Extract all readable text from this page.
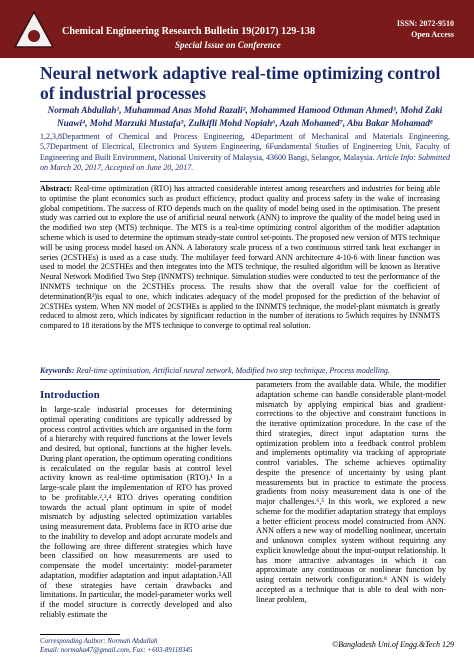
Chemical Engineering Research Bulletin 19(2017) 129-138
Special Issue on Conference
ISSN: 2072-9510
Open Access
Neural network adaptive real-time optimizing control of industrial processes
Normah Abdullah¹, Muhammad Anas Mohd Razali², Mohammed Hamood Othman Ahmed³, Mohd Zaki Nuawi⁴, Mohd Marzuki Mustafa⁵, Zulkifli Mohd Nopiah⁶, Azah Mohamed⁷, Abu Bakar Mohamad⁸
1,2,3,8Department of Chemical and Process Engineering, 4Department of Mechanical and Materials Engineering, 5,7Department of Electrical, Electronics and System Engineering, 6Fundamental Studies of Engineering Unit, Faculty of Engineering and Built Environment, National University of Malaysia, 43600 Bangi, Selangor, Malaysia. Article Info: Submitted on March 20, 2017, Accepted on June 20, 2017.
Abstract: Real-time optimization (RTO) has attracted considerable interest among researchers and industries for being able to optimise the plant economics such as product efficiency, product quality and process safety in the wake of increasing global competitions. The success of RTO depends much on the quality of model being used in the optimisation. The present study was carried out to explore the use of artificial neural network (ANN) to improve the quality of the model being used in the modified two step (MTS) technique. The MTS is a real-time optimizing control algorithm of the modifier adaptation scheme which is used to determine the optimum steady-state control set-points. The proposed new version of MTS technique will be using process model based on ANN. A laboratory scale process of a two continuous stirred tank heat exchanger in series (2CSTHEs) is used as a case study. The multilayer feed forward ANN architecture 4-10-6 with linear function was used to model the 2CSTHEs and then integrates into the MTS technique, the resulted algorithm will be known as Iterative Neural Network Modified Two Step (INNMTS) technique. Simulation studies were conducted to test the performance of the INNMTS technique on the 2CSTHEs process. The results show that the overall value for the coefficient of determination(R²)is equal to one, which indicates adequacy of the model proposed for the prediction of the behavior of 2CSTHEs system. When NN model of 2CSTHEs is applied to the INNMTS technique, the model-plant mismatch is greatly reduced to almost zero, which indicates by significant reduction in the number of iterations to 5which requires by INNMTS compared to 18 iterations by the MTS technique to converge to optimal real solution.
Keywords: Real-time optimisation, Artificial neural network, Modified two step technique, Process modelling.
Introduction
In large-scale industrial processes for determining optimal operating conditions are typically addressed by process control activities which are organised in the form of a hierarchy with required functions at the lower levels and desired, but optional, functions at the higher levels. During plant operation, the optimum operating conditions is recalculated on the regular basis at control level activity known as real-time optimisation (RTO).¹ In a large-scale plant the implementation of RTO has proved to be profitable.²,³,⁴ RTO drives operating condition towards the actual plant optimum in spite of model mismatch by adjusting selected optimization variables using measurement data. Problems face in RTO arise due to the inability to develop and adopt accurate models and the following are three different strategies which have been classified on how measurements are used to compensate the model uncertainty: model-parameter adaptation, modifier adaptation and input adaptation.⁵All of these strategies have certain drawbacks and limitations. In particular, the model-parameter works well if the model structure is correctly developed and also reliably estimate the
parameters from the available data. While, the modifier adaptation scheme can handle considerable plant-model mismatch by applying empirical bias and gradient-corrections to the objective and constraint functions in the iterative optimization procedure. In the case of the third strategies, direct input adaptation turns the optimization problem into a feedback control problem and implements optimality via tracking of appropriate control variables. The scheme achieves optimality despite the presence of uncertainty by using plant measurements but in practice to estimate the process gradients from noisy measurement data is one of the major challenges.⁶,⁵ In this work, we explored a new scheme for the modifier adaptation strategy that employs a better efficient process model constructed from ANN. ANN offers a new way of modelling nonlinear, uncertain and unknown complex system without requiring any explicit knowledge about the input-output relationship. It has more attractive advantages in which it can approximate any continuous or nonlinear function by using certain network configuration.⁸ ANN is widely accepted as a technique that is able to deal with non-linear problem,
Corresponding Author: Normah Abdullah
Email: normaha47@gmail.com, Fax: +603-89118345
©Bangladesh Uni.of Engg.&Tech 129
